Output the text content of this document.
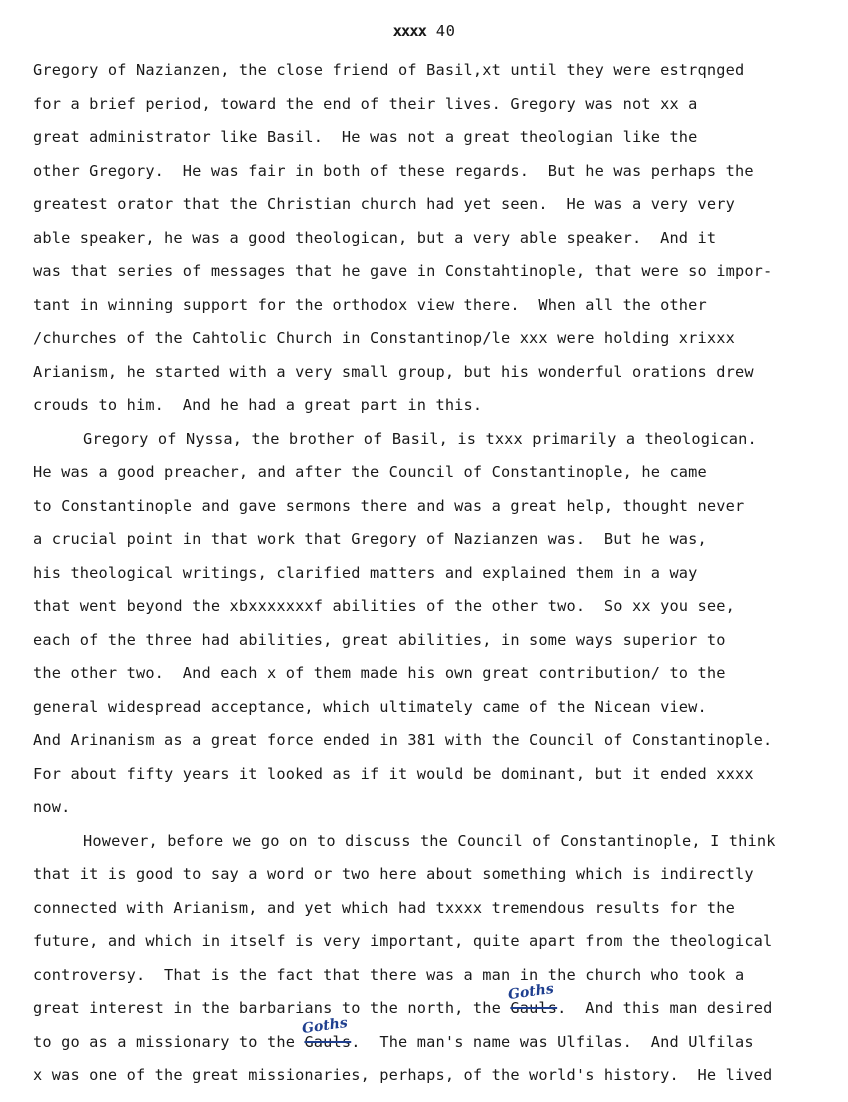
xxxx 40
Gregory of Nazianzen, the close friend of Basil,xt until they were estrqnged
for a brief period, toward the end of their lives. Gregory was not xx a
great administrator like Basil.  He was not a great theologian like the
other Gregory.  He was fair in both of these regards.  But he was perhaps the
greatest orator that the Christian church had yet seen.  He was a very very
able speaker, he was a good theologican, but a very able speaker.  And it
was that series of messages that he gave in Constahtinople, that were so impor-
tant in winning support for the orthodox view there.  When all the other
/churches of the Cahtolic Church in Constantinop/le xxx were holding xrixxx
Arianism, he started with a very small group, but his wonderful orations drew
crouds to him.  And he had a great part in this.
Gregory of Nyssa, the brother of Basil, is txxx primarily a theologican.
He was a good preacher, and after the Council of Constantinople, he came
to Constantinople and gave sermons there and was a great help, thought never
a crucial point in that work that Gregory of Nazianzen was.  But he was,
his theological writings, clarified matters and explained them in a way
that went beyond the xbxxxxxxxf abilities of the other two.  So xx you see,
each of the three had abilities, great abilities, in some ways superior to
the other two.  And each x of them made his own great contribution/ to the
general widespread acceptance, which ultimately came of the Nicean view.
And Arinanism as a great force ended in 381 with the Council of Constantinople.
For about fifty years it looked as if it would be dominant, but it ended xxxx
now.
However, before we go on to discuss the Council of Constantinople, I think
that it is good to say a word or two here about something which is indirectly
connected with Arianism, and yet which had txxxx tremendous results for the
future, and which in itself is very important, quite apart from the theological
controversy.  That is the fact that there was a man in the church who took a
great interest in the barbarians to the north, the
Goths
Gauls.  And this man desired
to go as a missionary to the
Goths
Gauls.  The man's name was Ulfilas.  And Ulfilas
x was one of the great missionaries, perhaps, of the world's history.  He lived
